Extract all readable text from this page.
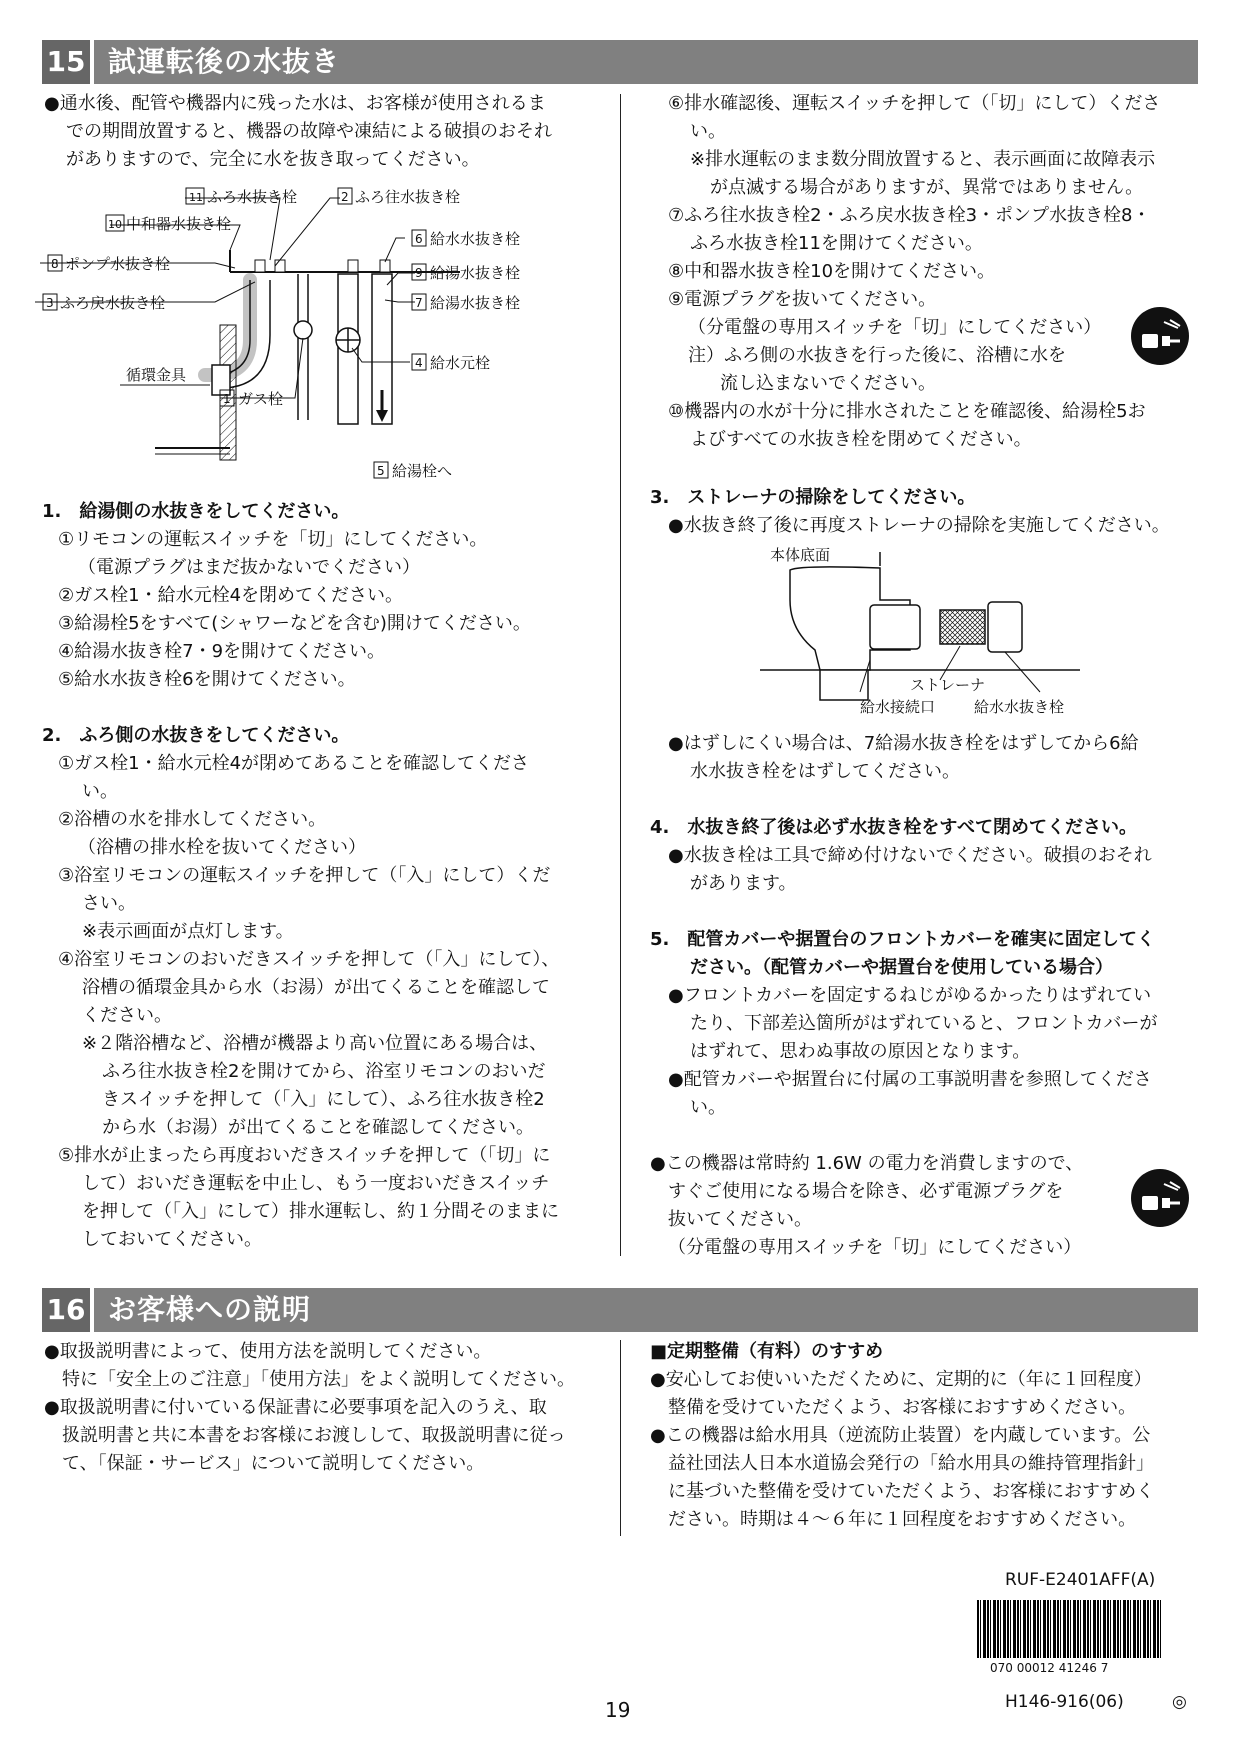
15 試運転後の水抜き
●通水後、配管や機器内に残った水は、お客様が使用されるま
での期間放置すると、機器の故障や凍結による破損のおそれ
がありますので、完全に水を抜き取ってください。
11 ふろ水抜き栓	2 ふろ往水抜き栓
10 中和器水抜き栓
6 給水水抜き栓
8 ポンプ水抜き栓	9 給湯水抜き栓
3 ふろ戻水抜き栓	7 給湯水抜き栓
4 給水元栓
循環金具
1 ガス栓
5 給湯栓へ
1.　給湯側の水抜きをしてください。
①リモコンの運転スイッチを「切」にしてください。
（電源プラグはまだ抜かないでください）
②ガス栓1・給水元栓4を閉めてください。
③給湯栓5をすべて(シャワーなどを含む)開けてください。
④給湯水抜き栓7・9を開けてください。
⑤給水水抜き栓6を開けてください。
2.　ふろ側の水抜きをしてください。
①ガス栓1・給水元栓4が閉めてあることを確認してくださ
い。
②浴槽の水を排水してください。
（浴槽の排水栓を抜いてください）
③浴室リモコンの運転スイッチを押して（「入」にして）くだ
さい。
※表示画面が点灯します。
④浴室リモコンのおいだきスイッチを押して（「入」にして）、
浴槽の循環金具から水（お湯）が出てくることを確認して
ください。
※２階浴槽など、浴槽が機器より高い位置にある場合は、
ふろ往水抜き栓2を開けてから、浴室リモコンのおいだ
きスイッチを押して（「入」にして）、ふろ往水抜き栓2
から水（お湯）が出てくることを確認してください。
⑤排水が止まったら再度おいだきスイッチを押して（「切」に
して）おいだき運転を中止し、もう一度おいだきスイッチ
を押して（「入」にして）排水運転し、約１分間そのままに
しておいてください。
⑥排水確認後、運転スイッチを押して（「切」にして）くださ
い。
※排水運転のまま数分間放置すると、表示画面に故障表示
が点滅する場合がありますが、異常ではありません。
⑦ふろ往水抜き栓2・ふろ戻水抜き栓3・ポンプ水抜き栓8・
ふろ水抜き栓11を開けてください。
⑧中和器水抜き栓10を開けてください。
⑨電源プラグを抜いてください。
（分電盤の専用スイッチを「切」にしてください）
注）ふろ側の水抜きを行った後に、浴槽に水を
流し込まないでください。
⑩機器内の水が十分に排水されたことを確認後、給湯栓5お
よびすべての水抜き栓を閉めてください。
3.　ストレーナの掃除をしてください。
●水抜き終了後に再度ストレーナの掃除を実施してください。
本体底面
ストレーナ
給水接続口	給水水抜き栓
●はずしにくい場合は、7給湯水抜き栓をはずしてから6給
水水抜き栓をはずしてください。
4.　水抜き終了後は必ず水抜き栓をすべて閉めてください。
●水抜き栓は工具で締め付けないでください。破損のおそれ
があります。
5.　配管カバーや据置台のフロントカバーを確実に固定してく
ださい。（配管カバーや据置台を使用している場合）
●フロントカバーを固定するねじがゆるかったりはずれてい
たり、下部差込箇所がはずれていると、フロントカバーが
はずれて、思わぬ事故の原因となります。
●配管カバーや据置台に付属の工事説明書を参照してくださ
い。
●この機器は常時約 1.6W の電力を消費しますので、
すぐご使用になる場合を除き、必ず電源プラグを
抜いてください。
（分電盤の専用スイッチを「切」にしてください）
16 お客様への説明
●取扱説明書によって、使用方法を説明してください。
特に「安全上のご注意」「使用方法」をよく説明してください。
●取扱説明書に付いている保証書に必要事項を記入のうえ、取
扱説明書と共に本書をお客様にお渡しして、取扱説明書に従っ
て、「保証・サービス」について説明してください。
■定期整備（有料）のすすめ
●安心してお使いいただくために、定期的に（年に１回程度）
整備を受けていただくよう、お客様におすすめください。
●この機器は給水用具（逆流防止装置）を内蔵しています。公
益社団法人日本水道協会発行の「給水用具の維持管理指針」
に基づいた整備を受けていただくよう、お客様におすすめく
ださい。時期は４～６年に１回程度をおすすめください。
RUF-E2401AFF(A)
070 00012 41246 7
19	H146-916(06)	◎
